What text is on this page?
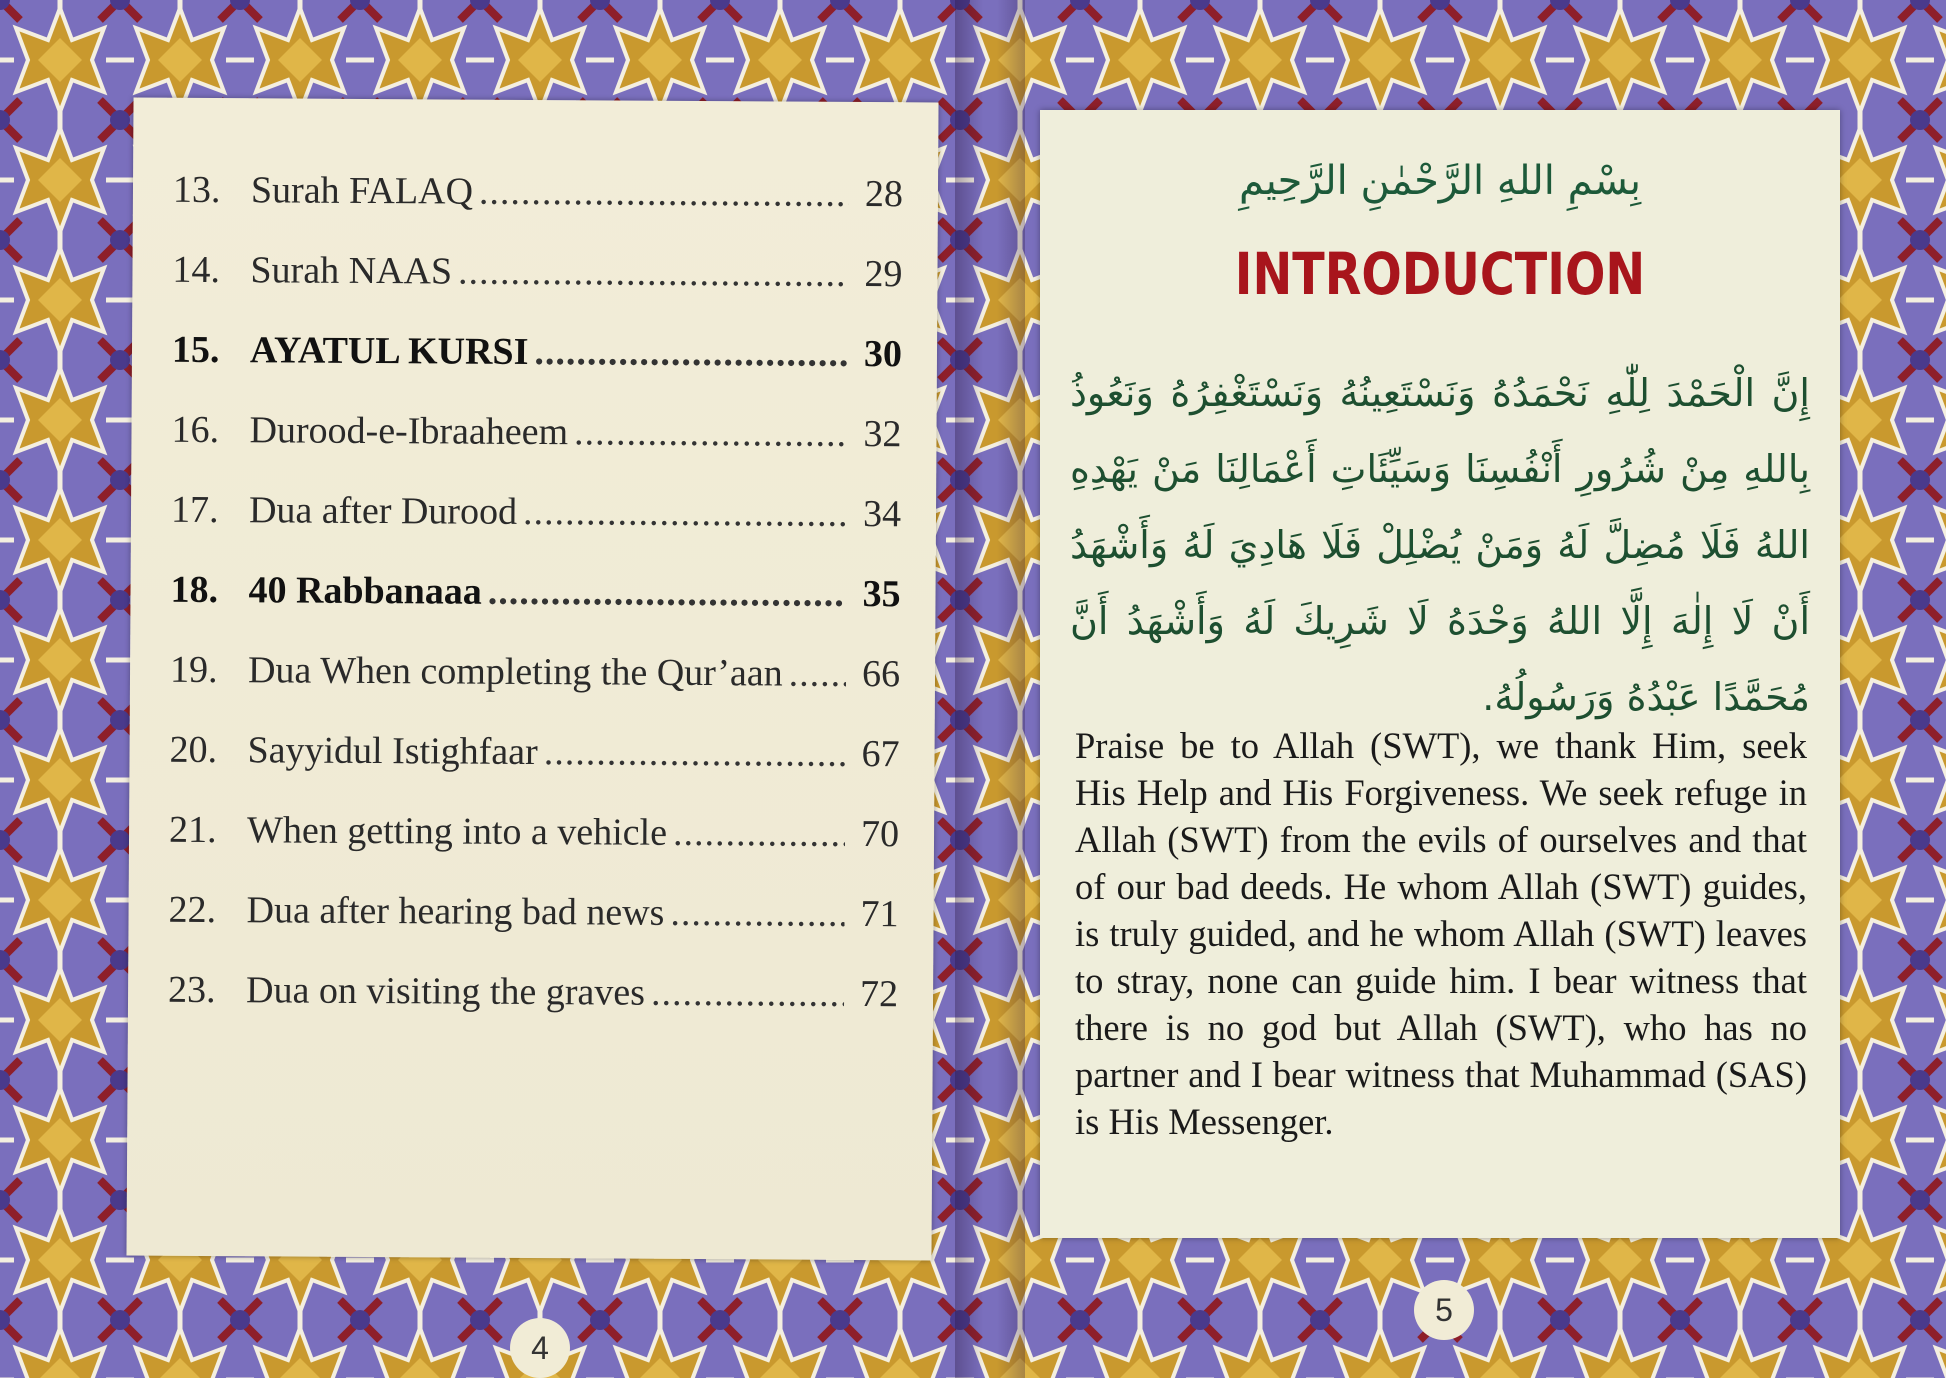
13. Surah FALAQ .....	28
14. Surah NAAS .....	29
15. AYATUL KURSI .....	30
16. Durood-e-Ibraaheem .....	32
17. Dua after Durood .....	34
18. 40 Rabbanaaa .....	35
19. Dua When completing the Qur’aan ..... 66
20. Sayyidul Istighfaar .....	67
21. When getting into a vehicle .....	70
22. Dua after hearing bad news .....	71
23. Dua on visiting the graves .....	72
4
بِسْمِ اللهِ الرَّحْمٰنِ الرَّحِيمِ
INTRODUCTION
إِنَّ الْحَمْدَ لِلّٰهِ نَحْمَدُهُ وَنَسْتَعِينُهُ وَنَسْتَغْفِرُهُ وَنَعُوذُ بِاللهِ مِنْ شُرُورِ أَنْفُسِنَا وَسَيِّئَاتِ أَعْمَالِنَا مَنْ يَهْدِهِ اللهُ فَلَا مُضِلَّ لَهُ وَمَنْ يُضْلِلْ فَلَا هَادِيَ لَهُ وَأَشْهَدُ أَنْ لَا إِلٰهَ إِلَّا اللهُ وَحْدَهُ لَا شَرِيكَ لَهُ وَأَشْهَدُ أَنَّ مُحَمَّدًا عَبْدُهُ وَرَسُولُهُ.
Praise be to Allah (SWT), we thank Him, seek His Help and His Forgiveness. We seek refuge in Allah (SWT) from the evils of ourselves and that of our bad deeds. He whom Allah (SWT) guides, is truly guided, and he whom Allah (SWT) leaves to stray, none can guide him. I bear witness that there is no god but Allah (SWT), who has no partner and I bear witness that Muhammad (SAS) is His Messenger.
5
